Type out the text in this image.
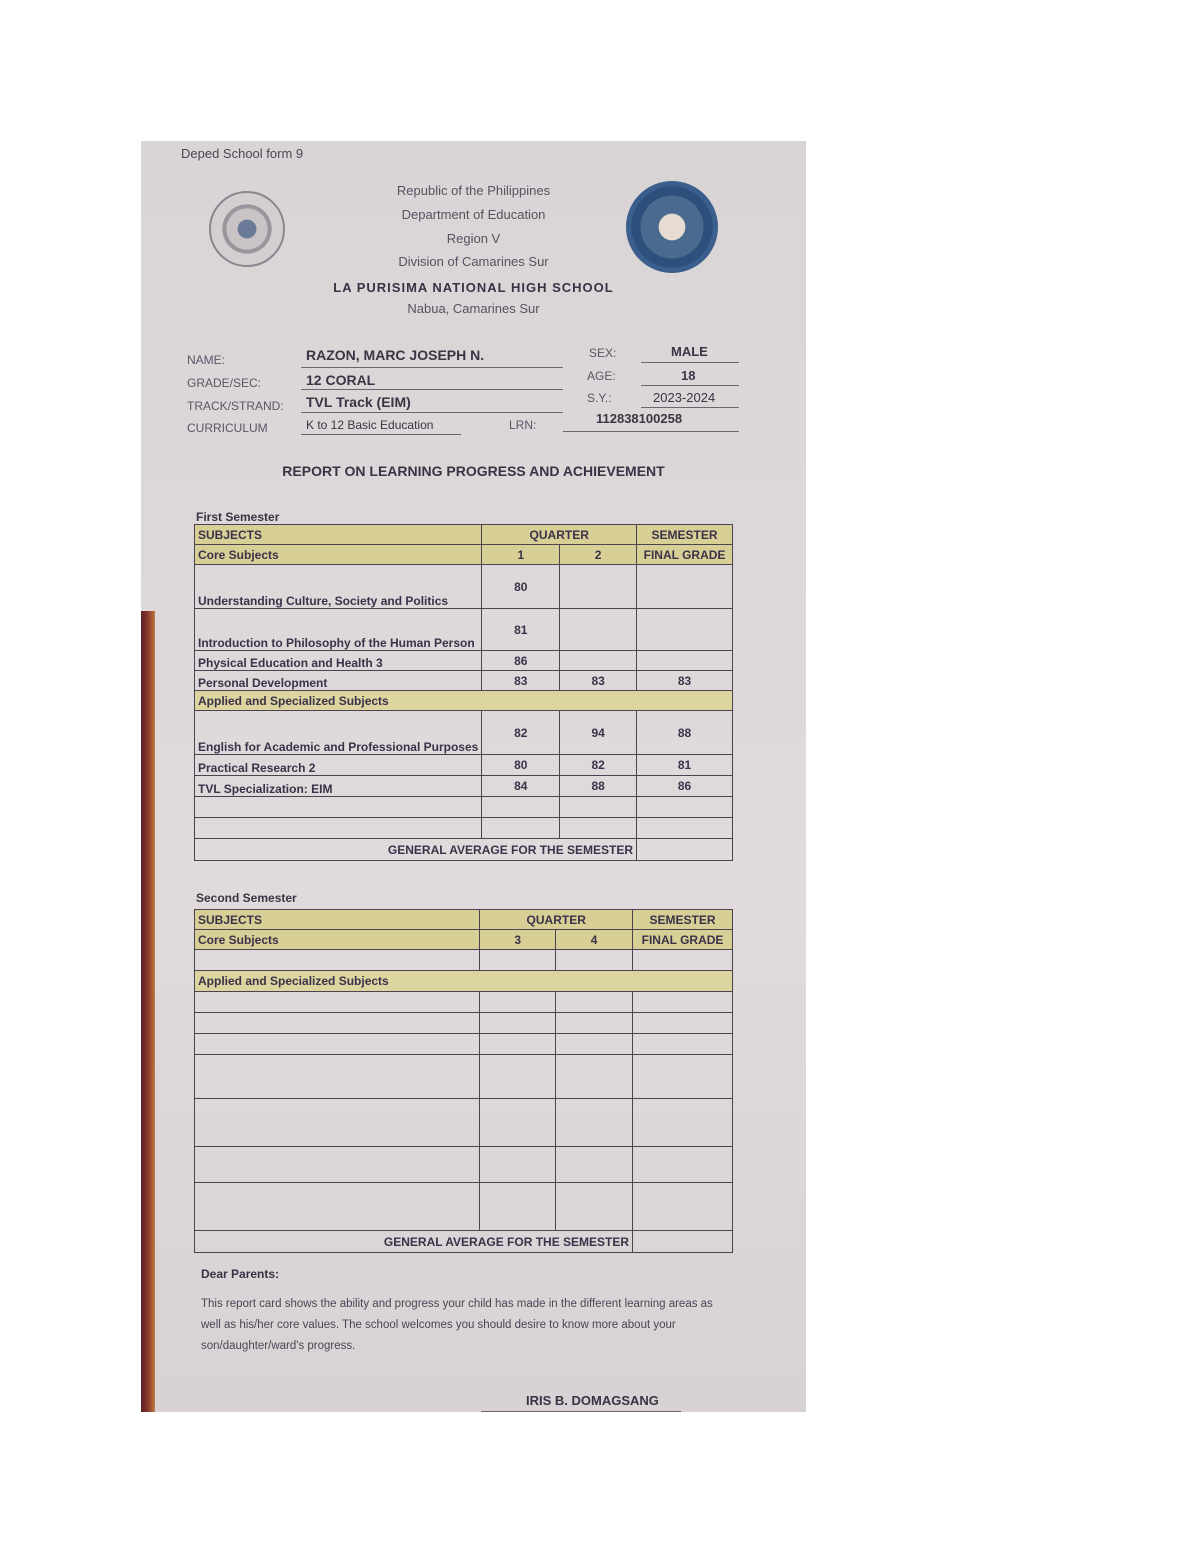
Deped School form 9
Republic of the Philippines
Department of Education
Region V
Division of Camarines Sur
LA PURISIMA NATIONAL HIGH SCHOOL
Nabua, Camarines Sur
NAME:	RAZON, MARC JOSEPH N.
GRADE/SEC:	12 CORAL
TRACK/STRAND: TVL Track (EIM)
CURRICULUM	K to 12 Basic Education	LRN:	112838100258
SEX:	MALE
AGE:	18
S.Y.:	2023-2024
REPORT ON LEARNING PROGRESS AND ACHIEVEMENT
First Semester
SUBJECTS	QUARTER		SEMESTER
Core Subjects	1	2	FINAL GRADE
Understanding Culture, Society and Politics	80		
Introduction to Philosophy of the Human Person	81		
Physical Education and Health 3	86		
Personal Development	83	83	83
Applied and Specialized Subjects			
English for Academic and Professional Purposes	82	94	88
Practical Research 2	80	82	81
TVL Specialization: EIM	84	88	86

GENERAL AVERAGE FOR THE SEMESTER			
Second Semester
SUBJECTS	QUARTER		SEMESTER
Core Subjects	3	4	FINAL GRADE

Applied and Specialized Subjects			

GENERAL AVERAGE FOR THE SEMESTER			
Dear Parents:
This report card shows the ability and progress your child has made in the different learning areas as well as his/her core values. The school welcomes you should desire to know more about your son/daughter/ward's progress.
IRIS B. DOMAGSANG
